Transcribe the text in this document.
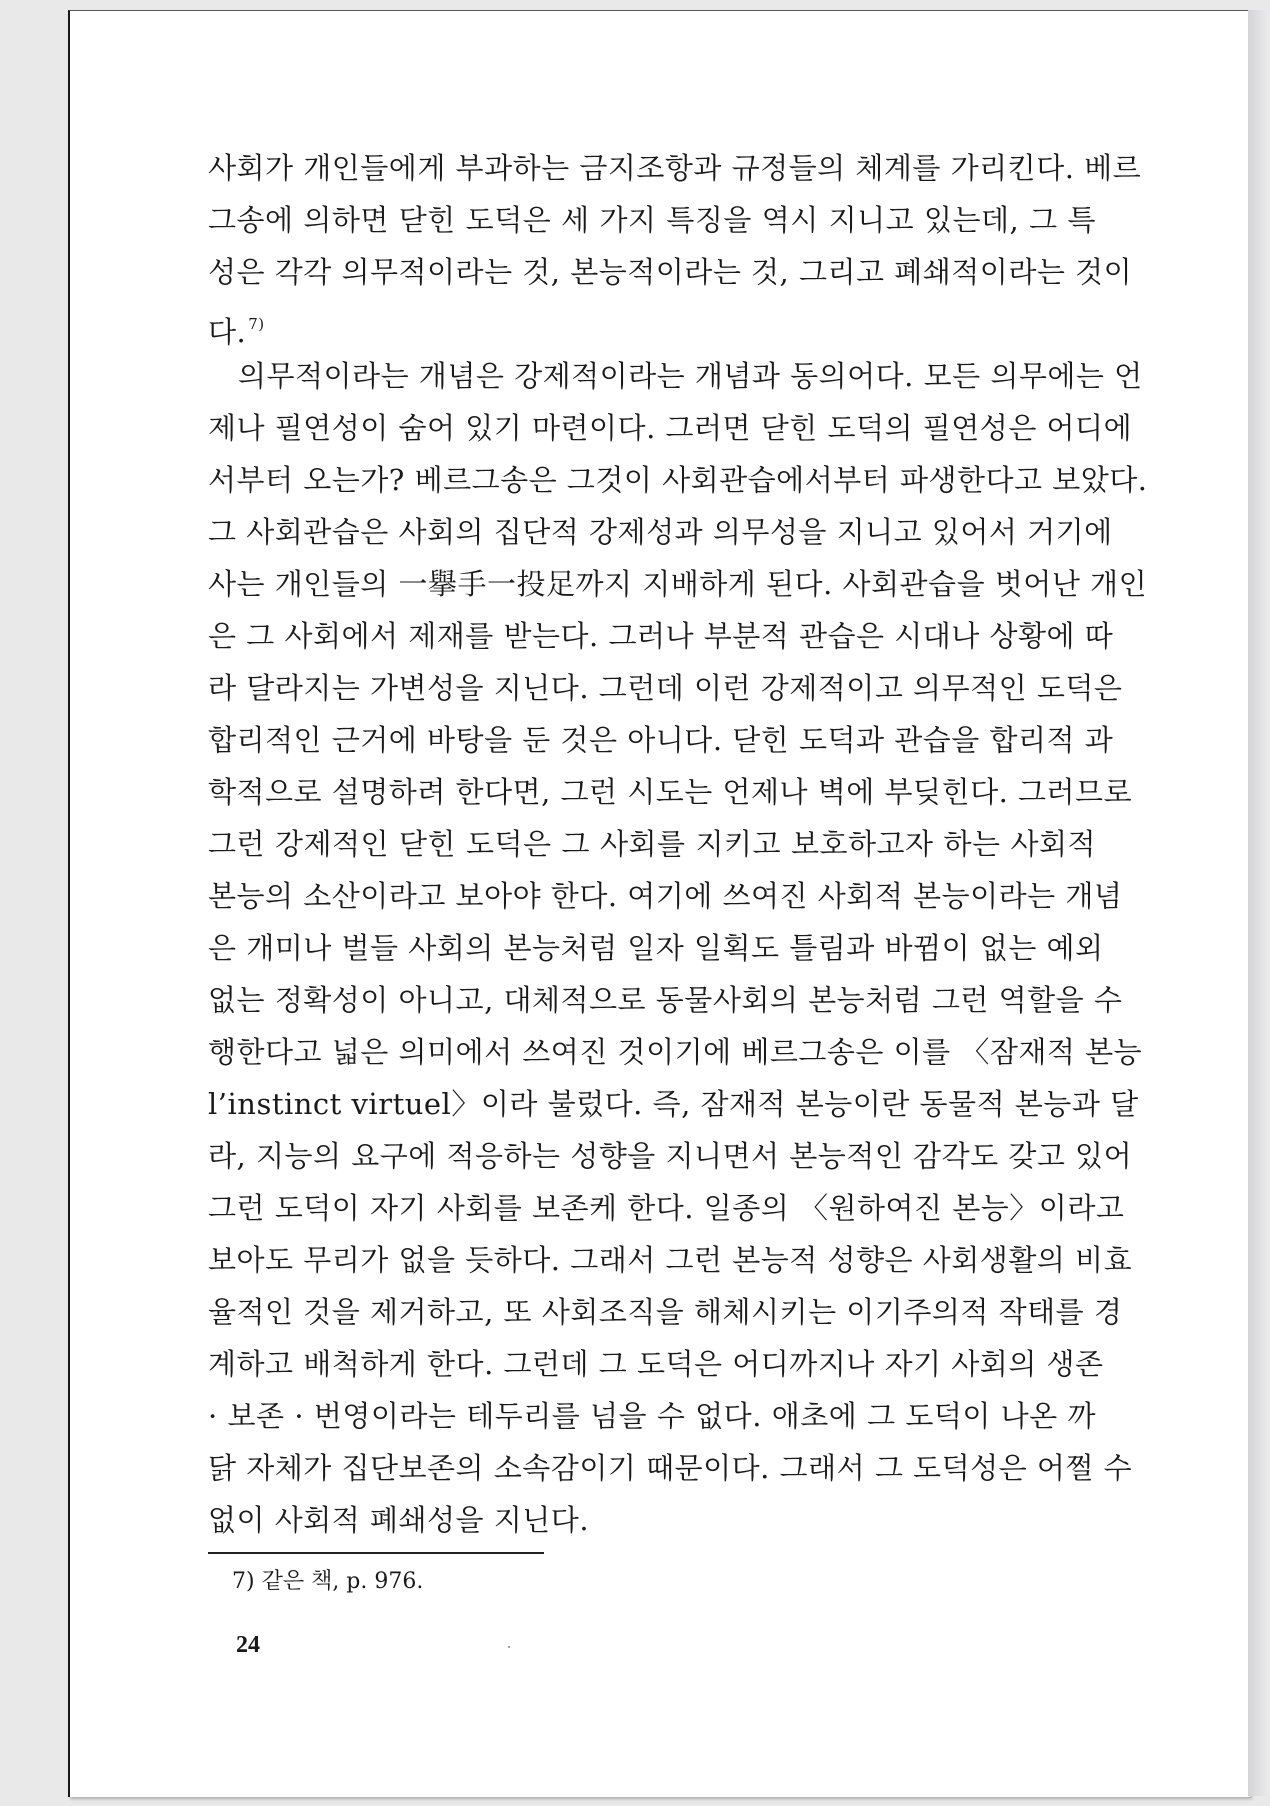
사회가 개인들에게 부과하는 금지조항과 규정들의 체계를 가리킨다. 베르
그송에 의하면 닫힌 도덕은 세 가지 특징을 역시 지니고 있는데, 그 특
성은 각각 의무적이라는 것, 본능적이라는 것, 그리고 폐쇄적이라는 것이
다. $^{7)}$
의무적이라는 개념은 강제적이라는 개념과 동의어다. 모든 의무에는 언
제나 필연성이 숨어 있기 마련이다. 그러면 닫힌 도덕의 필연성은 어디에
서부터 오는가? 베르그송은 그것이 사회관습에서부터 파생한다고 보았다.
그 사회관습은 사회의 집단적 강제성과 의무성을 지니고 있어서 거기에
사는 개인들의 一擧手一投足까지 지배하게 된다. 사회관습을 벗어난 개인
은 그 사회에서 제재를 받는다. 그러나 부분적 관습은 시대나 상황에 따
라 달라지는 가변성을 지닌다. 그런데 이런 강제적이고 의무적인 도덕은
합리적인 근거에 바탕을 둔 것은 아니다. 닫힌 도덕과 관습을 합리적 과
학적으로 설명하려 한다면, 그런 시도는 언제나 벽에 부딪힌다. 그러므로
그런 강제적인 닫힌 도덕은 그 사회를 지키고 보호하고자 하는 사회적
본능의 소산이라고 보아야 한다. 여기에 쓰여진 사회적 본능이라는 개념
은 개미나 벌들 사회의 본능처럼 일자 일획도 틀림과 바뀜이 없는 예외
없는 정확성이 아니고, 대체적으로 동물사회의 본능처럼 그런 역할을 수
행한다고 넓은 의미에서 쓰여진 것이기에 베르그송은 이를 〈잠재적 본능
l’instinct virtuel〉이라 불렀다. 즉, 잠재적 본능이란 동물적 본능과 달
라, 지능의 요구에 적응하는 성향을 지니면서 본능적인 감각도 갖고 있어
그런 도덕이 자기 사회를 보존케 한다. 일종의 〈원하여진 본능〉이라고
보아도 무리가 없을 듯하다. 그래서 그런 본능적 성향은 사회생활의 비효
율적인 것을 제거하고, 또 사회조직을 해체시키는 이기주의적 작태를 경
계하고 배척하게 한다. 그런데 그 도덕은 어디까지나 자기 사회의 생존
· 보존 · 번영이라는 테두리를 넘을 수 없다. 애초에 그 도덕이 나온 까
닭 자체가 집단보존의 소속감이기 때문이다. 그래서 그 도덕성은 어쩔 수
없이 사회적 폐쇄성을 지닌다.
7) 같은 책, p. 976.
24
